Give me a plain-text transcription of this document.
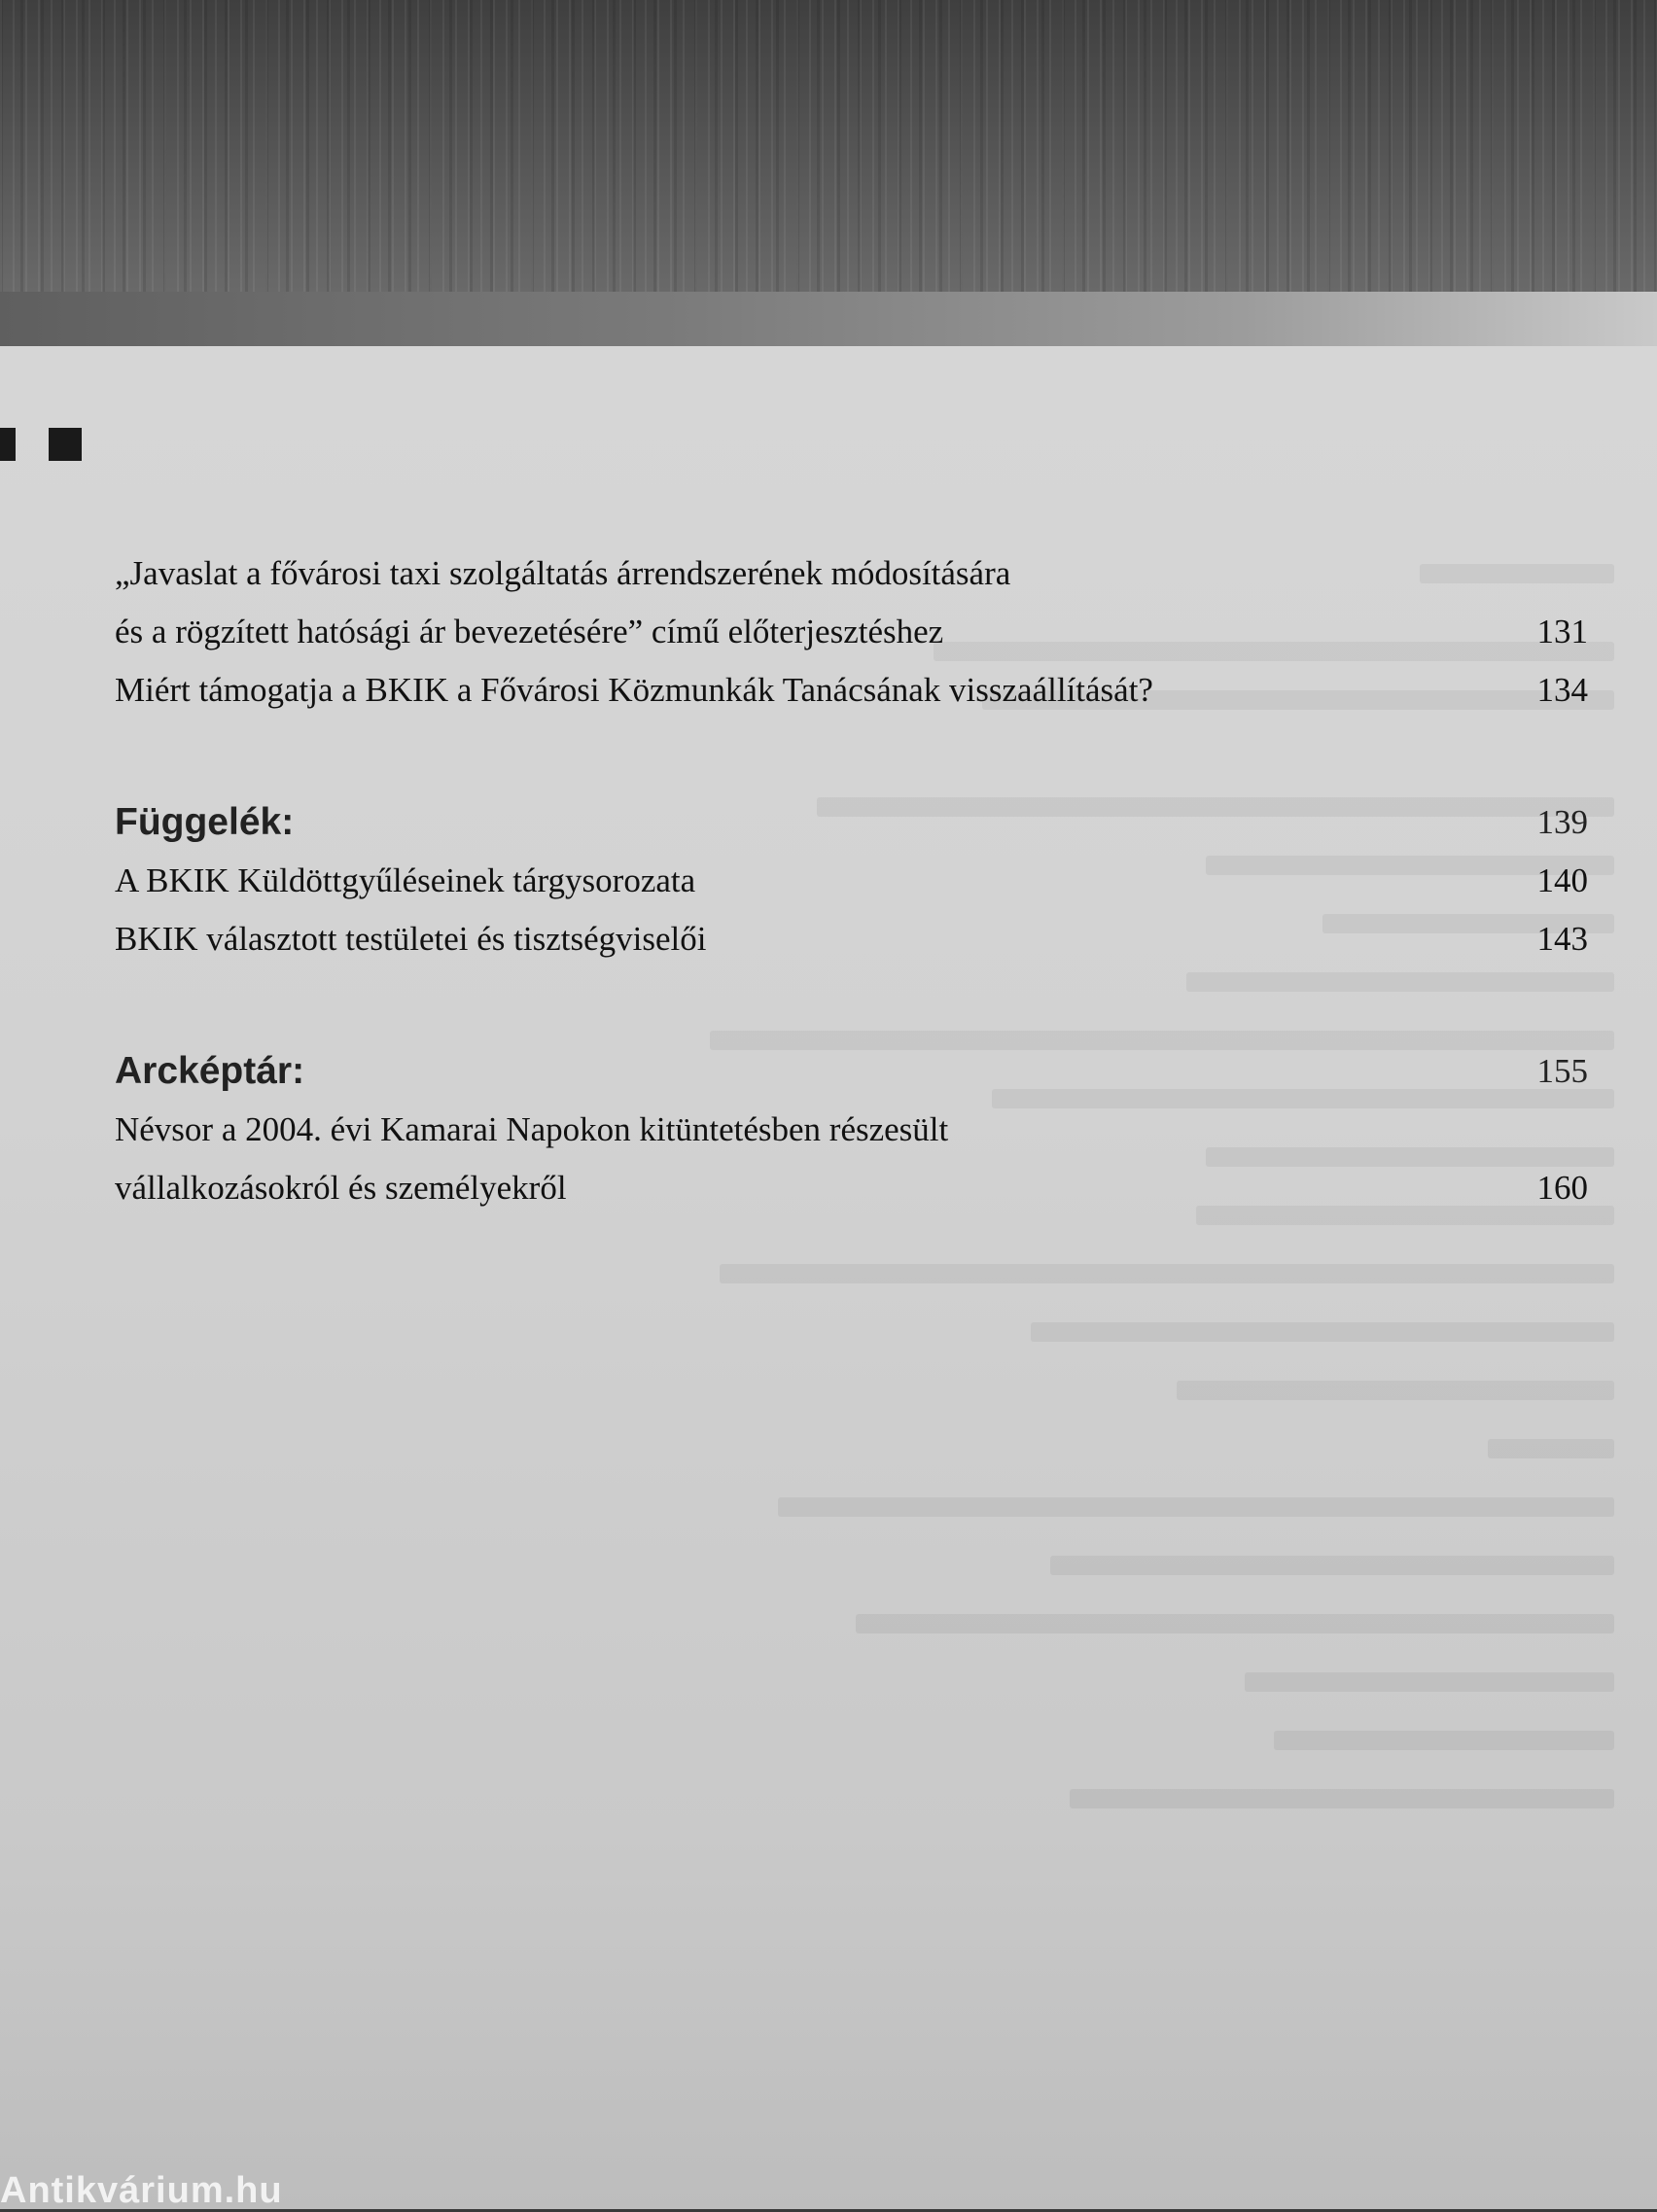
„Javaslat a fővárosi taxi szolgáltatás árrendszerének módosítására
és a rögzített hatósági ár bevezetésére” című előterjesztéshez	131
Miért támogatja a BKIK a Fővárosi Közmunkák Tanácsának visszaállítását?	134
Függelék:	139
A BKIK Küldöttgyűléseinek tárgysorozata	140
BKIK választott testületei és tisztségviselői	143
Arcképtár:	155
Névsor a 2004. évi Kamarai Napokon kitüntetésben részesült
vállalkozásokról és személyekről	160
Antikvárium.hu
